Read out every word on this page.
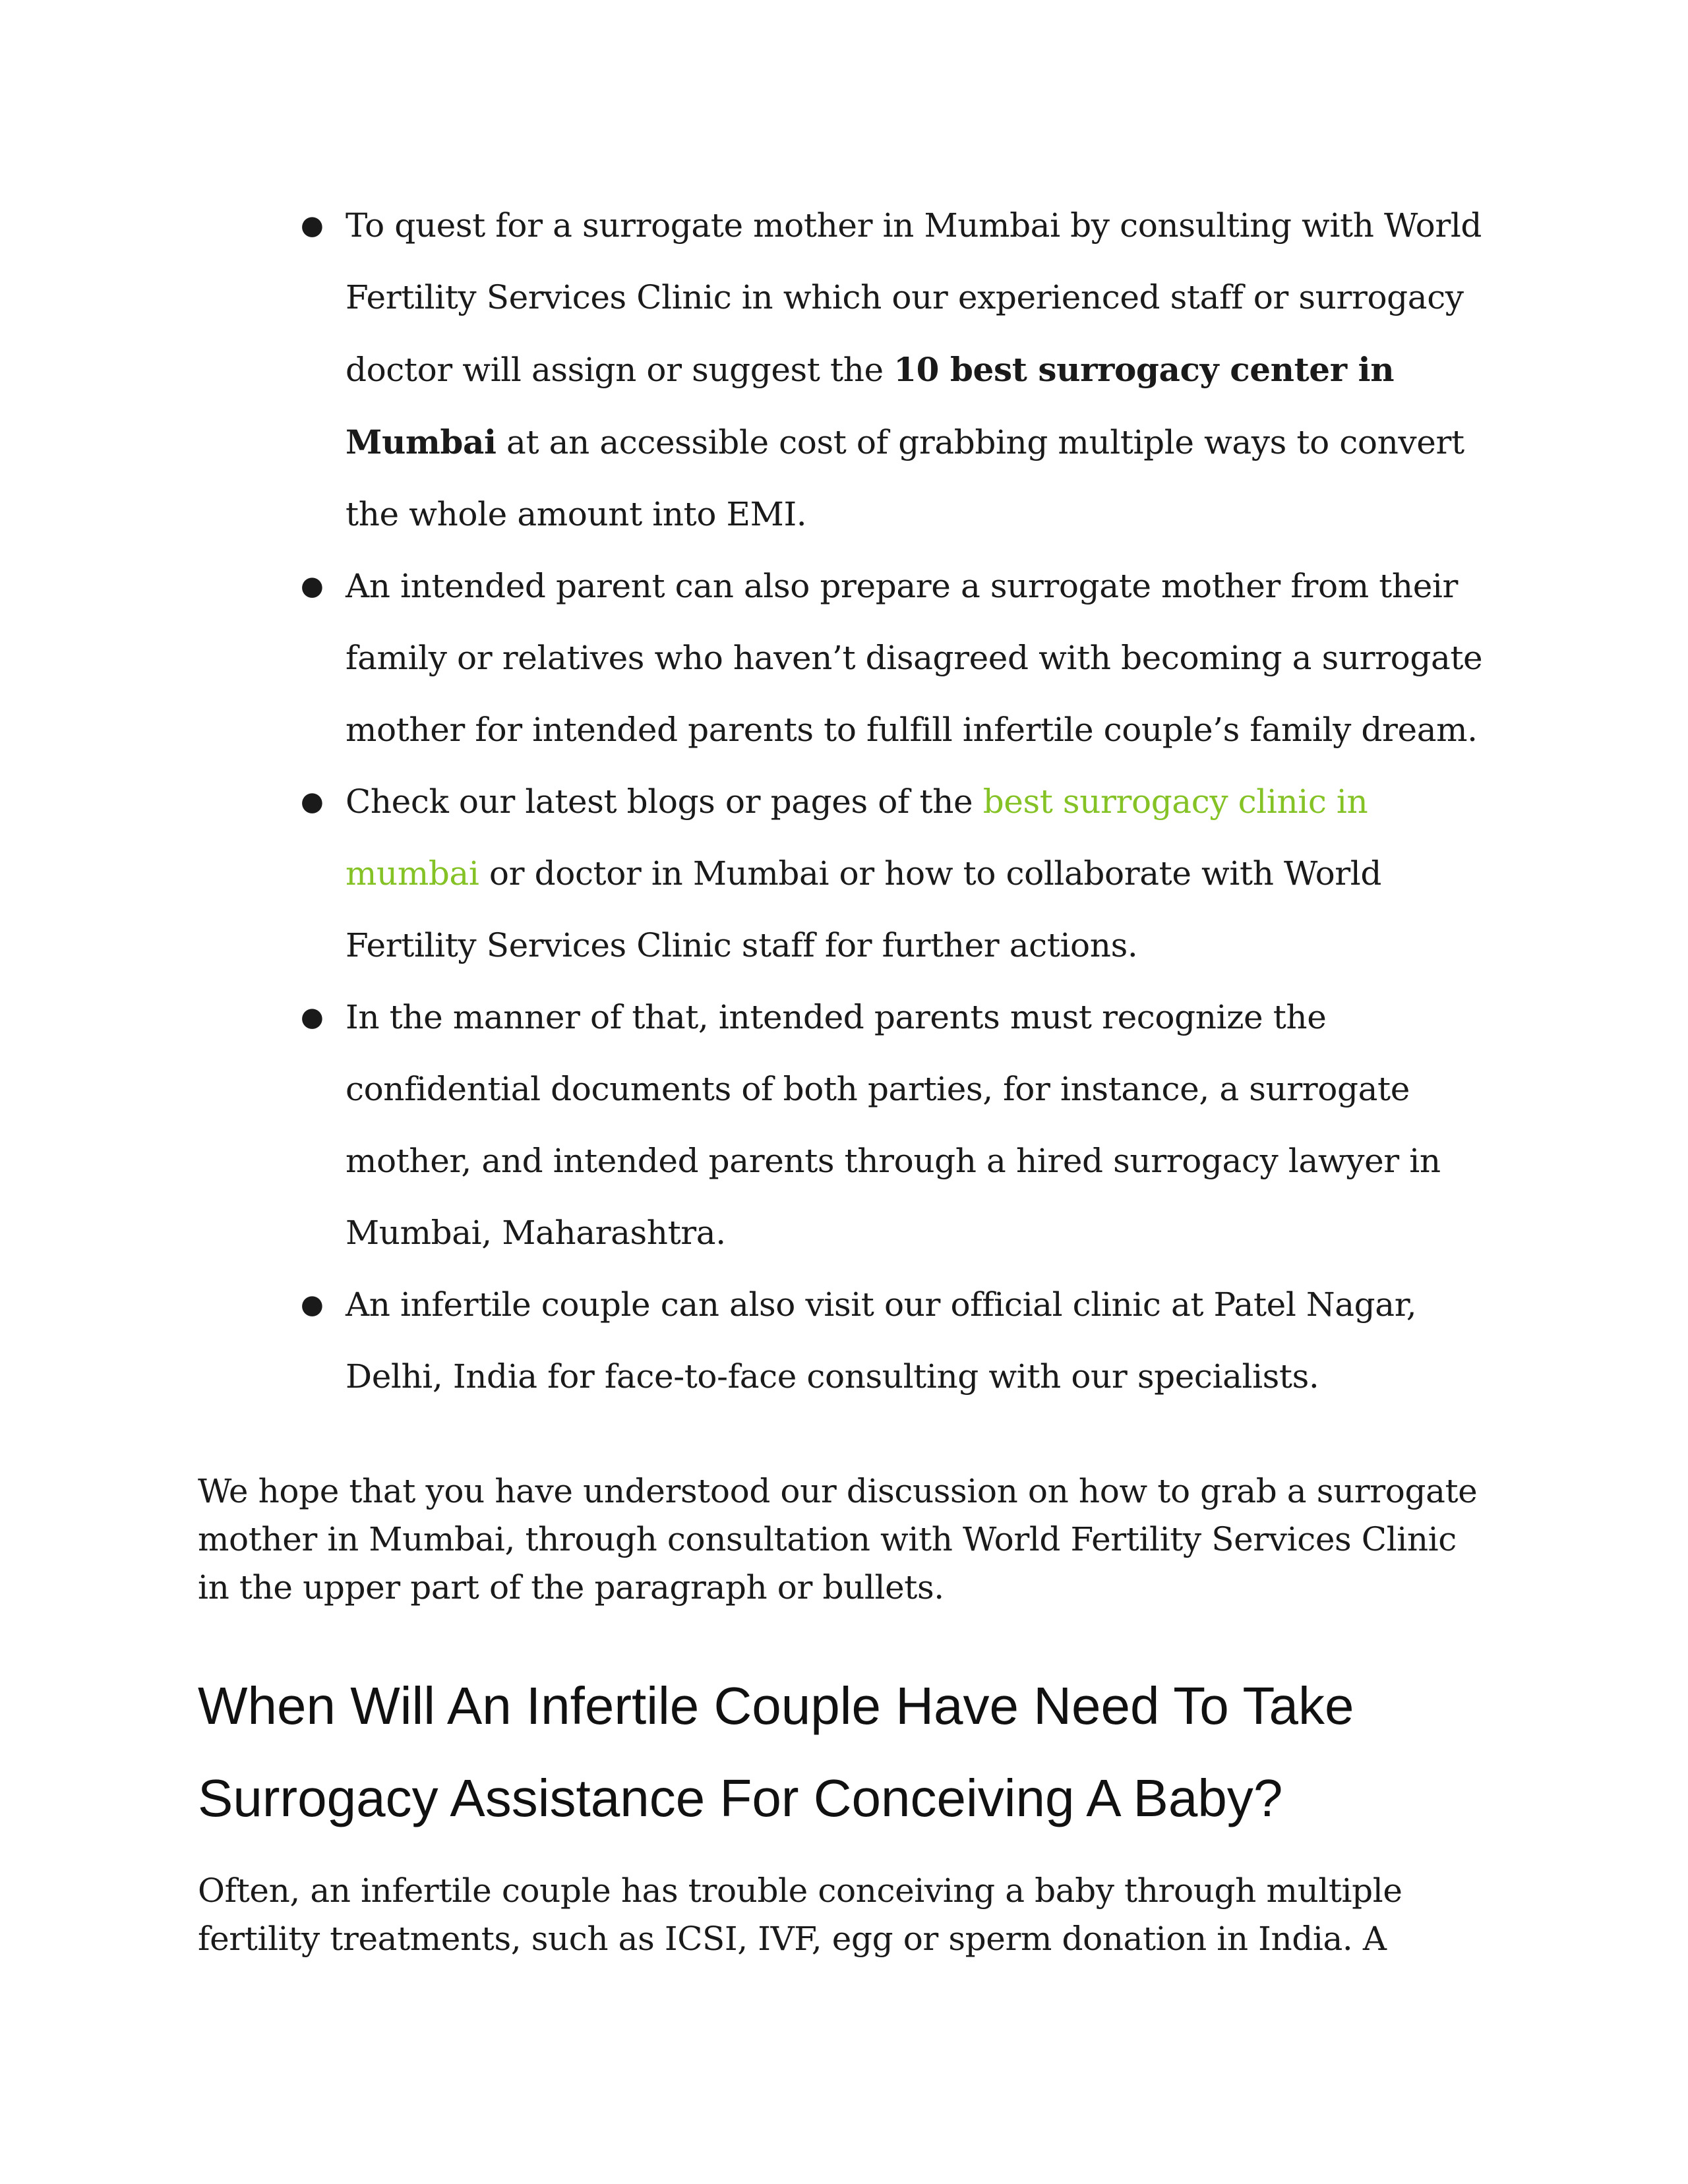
● To quest for a surrogate mother in Mumbai by consulting with World Fertility Services Clinic in which our experienced staff or surrogacy doctor will assign or suggest the 10 best surrogacy center in Mumbai at an accessible cost of grabbing multiple ways to convert the whole amount into EMI.
● An intended parent can also prepare a surrogate mother from their family or relatives who haven’t disagreed with becoming a surrogate mother for intended parents to fulfill infertile couple’s family dream.
● Check our latest blogs or pages of the best surrogacy clinic in mumbai or doctor in Mumbai or how to collaborate with World Fertility Services Clinic staff for further actions.
● In the manner of that, intended parents must recognize the confidential documents of both parties, for instance, a surrogate mother, and intended parents through a hired surrogacy lawyer in Mumbai, Maharashtra.
● An infertile couple can also visit our official clinic at Patel Nagar, Delhi, India for face-to-face consulting with our specialists.

We hope that you have understood our discussion on how to grab a surrogate mother in Mumbai, through consultation with World Fertility Services Clinic in the upper part of the paragraph or bullets.

When Will An Infertile Couple Have Need To Take Surrogacy Assistance For Conceiving A Baby?

Often, an infertile couple has trouble conceiving a baby through multiple fertility treatments, such as ICSI, IVF, egg or sperm donation in India. A
